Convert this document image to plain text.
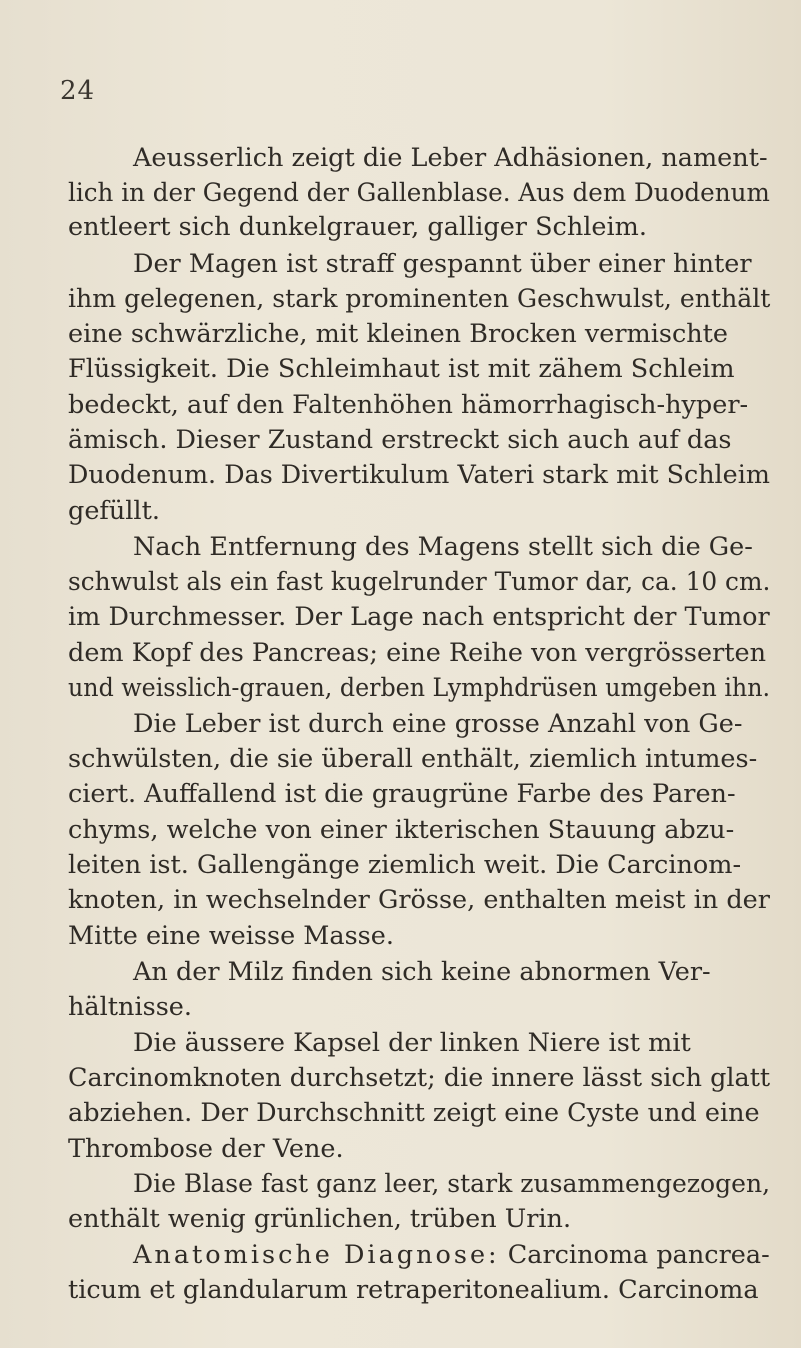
24
Aeusserlich zeigt die Leber Adhäsionen, nament-
lich in der Gegend der Gallenblase. Aus dem Duodenum
entleert sich dunkelgrauer, galliger Schleim.
Der Magen ist straff gespannt über einer hinter
ihm gelegenen, stark prominenten Geschwulst, enthält
eine schwärzliche, mit kleinen Brocken vermischte
Flüssigkeit. Die Schleimhaut ist mit zähem Schleim
bedeckt, auf den Faltenhöhen hämorrhagisch-hyper-
ämisch. Dieser Zustand erstreckt sich auch auf das
Duodenum. Das Divertikulum Vateri stark mit Schleim
gefüllt.
Nach Entfernung des Magens stellt sich die Ge-
schwulst als ein fast kugelrunder Tumor dar, ca. 10 cm.
im Durchmesser. Der Lage nach entspricht der Tumor
dem Kopf des Pancreas; eine Reihe von vergrösserten
und weisslich-grauen, derben Lymphdrüsen umgeben ihn.
Die Leber ist durch eine grosse Anzahl von Ge-
schwülsten, die sie überall enthält, ziemlich intumes-
ciert. Auffallend ist die graugrüne Farbe des Paren-
chyms, welche von einer ikterischen Stauung abzu-
leiten ist. Gallengänge ziemlich weit. Die Carcinom-
knoten, in wechselnder Grösse, enthalten meist in der
Mitte eine weisse Masse.
An der Milz finden sich keine abnormen Ver-
hältnisse.
Die äussere Kapsel der linken Niere ist mit
Carcinomknoten durchsetzt; die innere lässt sich glatt
abziehen. Der Durchschnitt zeigt eine Cyste und eine
Thrombose der Vene.
Die Blase fast ganz leer, stark zusammengezogen,
enthält wenig grünlichen, trüben Urin.
Anatomische Diagnose: Carcinoma pancrea-
ticum et glandularum retraperitonealium. Carcinoma
